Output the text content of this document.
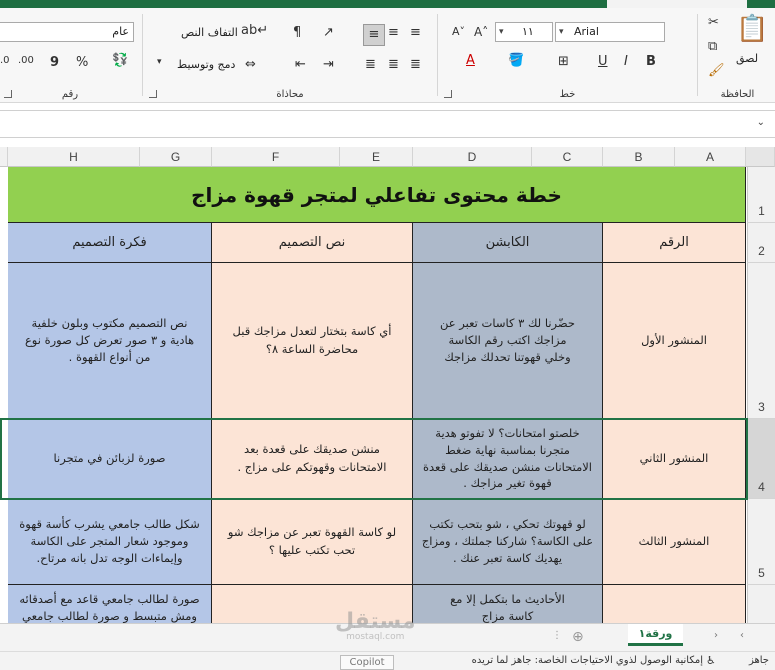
📋
لصق
✂
⧉
🖌
الحافظة
▾ Arial
▾ ١١
A˄
A˅
B
I
U
⊞
🪣
A
خط
≡
≡
≡
≣
≣
≣
↗
¶
⇥
⇤
ab↵
التفاف النص
⇔
دمج وتوسيط
▾
محاذاة
عام
💱
%
9
.00
.0
رقم
⌄
A
B
C
D
E
F
G
H
1
2
3
4
5
خطة محتوى تفاعلي لمتجر قهوة مزاج
الرقم
الكابشن
نص التصميم
فكرة التصميم
المنشور الأول
حضّرنا لك ٣ كاسات تعبر عن مزاجك اكتب رقم الكاسة وخلي قهوتنا تحدلك مزاجك
أي كاسة بتختار لتعدل مزاجك قبل محاضرة الساعة ٨؟
نص التصميم مكتوب وبلون خلفية هادية و ٣ صور تعرض كل صورة نوع من أنواع القهوة .
المنشور الثاني
خلصتو امتحانات؟ لا تفوتو هدية متجرنا بمناسبة نهاية ضغط الامتحانات منشن صديقك على قعدة قهوة تغير مزاجك .
منشن صديقك على قعدة بعد الامتحانات وقهوتكم على مزاج .
صورة لزبائن في متجرنا
المنشور الثالث
لو قهوتك تحكي ، شو بتحب تكتب على الكاسة؟ شاركنا جملتك ، ومزاج يهديك كاسة تعبر عنك .
لو كاسة القهوة تعبر عن مزاجك شو تحب تكتب عليها ؟
شكل طالب جامعي يشرب كأسة قهوة وموجود شعار المتجر على الكاسة وإيماءات الوجه تدل بانه مرتاح.
الأحاديث ما بتكمل إلا مع كاسة مزاج
صورة لطالب جامعي قاعد مع أصدقائه ومش متبسط و صورة لطالب جامعي
‹
›
ورقة١
⊕
⋮
مستقل
mostaql.com
جاهز
♿
إمكانية الوصول لذوي الاحتياجات الخاصة: جاهز لما تريده
Copilot
